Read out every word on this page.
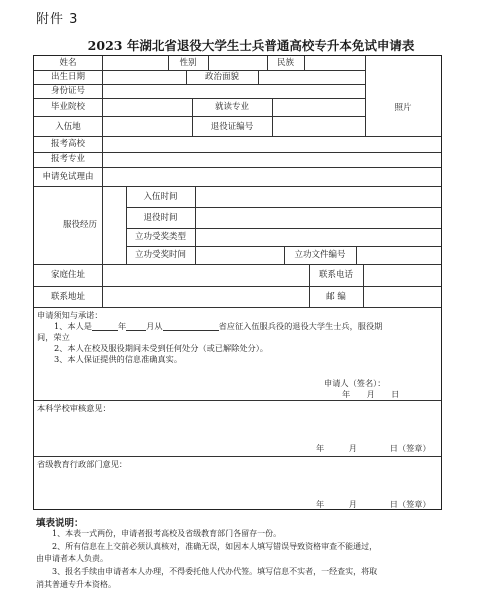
附件 3
2023 年湖北省退役大学生士兵普通高校专升本免试申请表
姓名	性别	民族
出生日期	政治面貌
身份证号
照片
毕业院校	就读专业
入伍地	退役证编号
报考高校
报考专业
申请免试理由
服役经历
入伍时间
退役时间
立功受奖类型
立功受奖时间	立功文件编号
家庭住址	联系电话
联系地址	邮 编
申请须知与承诺：
1、本人是	年 月从	省应征入伍服兵役的退役大学生士兵，服役期
间，荣立
2、本人在校及服役期间未受到任何处分（或已解除处分）。
3、本人保证提供的信息准确真实。
申请人（签名）：
年　　月　　日
本科学校审核意见：
年　　　月　　　　日（签章）
省级教育行政部门意见：
年　　　月　　　　日（签章）
填表说明：
1、本表一式两份，申请者报考高校及省级教育部门各留存一份。
2、所有信息在上交前必须认真核对，准确无误，如因本人填写错误导致资格审查不能通过，
由申请者本人负责。
3、报名手续由申请者本人办理，不得委托他人代办代签。填写信息不实者，一经查实，将取
消其普通专升本资格。
